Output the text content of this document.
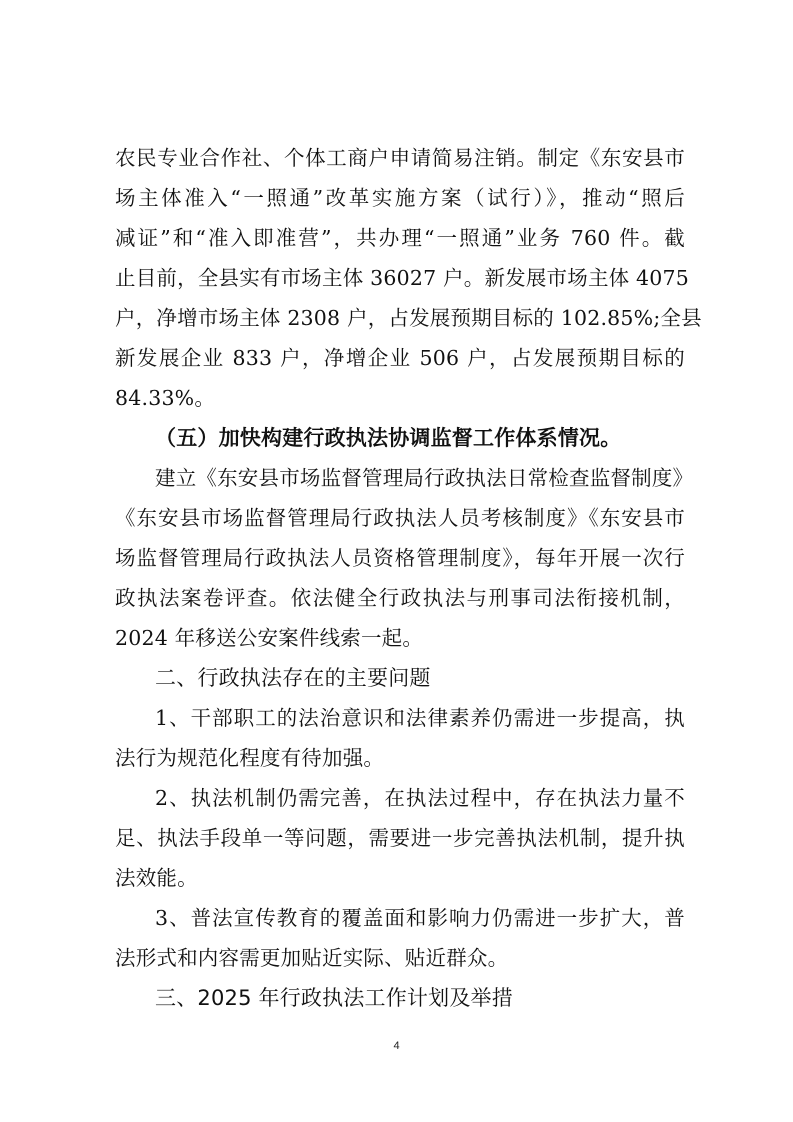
农民专业合作社、个体工商户申请简易注销。制定《东安县市
场主体准入“一照通”改革实施方案（试行）》，推动“照后
减证”和“准入即准营”，共办理“一照通”业务 760 件。截
止目前，全县实有市场主体 36027 户。新发展市场主体 4075
户，净增市场主体 2308 户，占发展预期目标的 102.85%;全县
新发展企业 833 户，净增企业 506 户，占发展预期目标的
84.33%。
（五）加快构建行政执法协调监督工作体系情况。
建立《东安县市场监督管理局行政执法日常检查监督制度》
《东安县市场监督管理局行政执法人员考核制度》《东安县市
场监督管理局行政执法人员资格管理制度》，每年开展一次行
政执法案卷评查。依法健全行政执法与刑事司法衔接机制，
2024 年移送公安案件线索一起。
二、行政执法存在的主要问题
1、干部职工的法治意识和法律素养仍需进一步提高，执
法行为规范化程度有待加强。
2、执法机制仍需完善，在执法过程中，存在执法力量不
足、执法手段单一等问题，需要进一步完善执法机制，提升执
法效能。
3、普法宣传教育的覆盖面和影响力仍需进一步扩大，普
法形式和内容需更加贴近实际、贴近群众。
三、2025 年行政执法工作计划及举措
4
